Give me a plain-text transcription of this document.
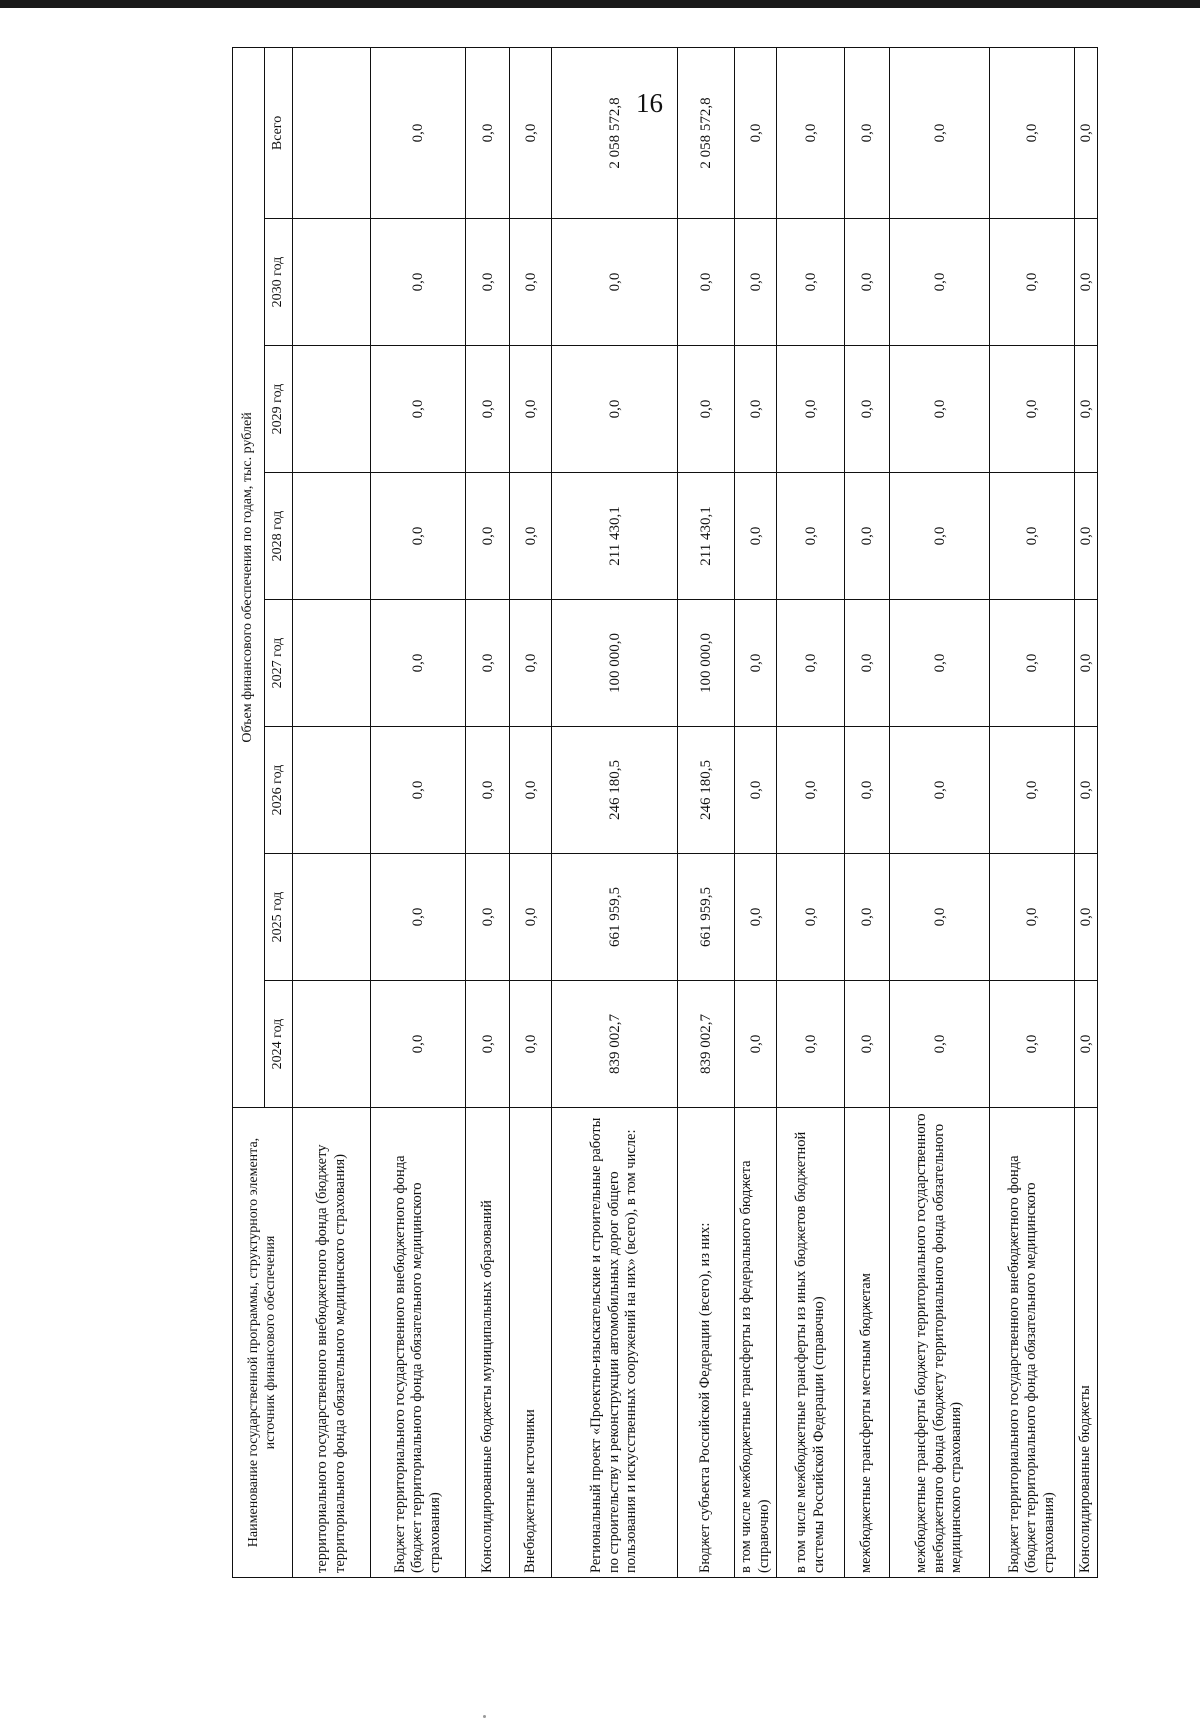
16
Наименование государственной программы, структурного элемента, источник финансового обеспечения	Объем финансового обеспечения по годам, тыс. рублей							
	2024 год	2025 год	2026 год	2027 год	2028 год	2029 год	2030 год	Всего
территориального государственного внебюджетного фонда (бюджету территориального фонда обязательного медицинского страхования)								
Бюджет территориального государственного внебюджетного фонда (бюджет территориального фонда обязательного медицинского страхования)	0,0	0,0	0,0	0,0	0,0	0,0	0,0	0,0
Консолидированные бюджеты муниципальных образований	0,0	0,0	0,0	0,0	0,0	0,0	0,0	0,0
Внебюджетные источники	0,0	0,0	0,0	0,0	0,0	0,0	0,0	0,0
Региональный проект «Проектно-изыскательские и строительные работы по строительству и реконструкции автомобильных дорог общего пользования и искусственных сооружений на них» (всего), в том числе:	839 002,7	661 959,5	246 180,5	100 000,0	211 430,1	0,0	0,0	2 058 572,8
Бюджет субъекта Российской Федерации (всего), из них:	839 002,7	661 959,5	246 180,5	100 000,0	211 430,1	0,0	0,0	2 058 572,8
в том числе межбюджетные трансферты из федерального бюджета (справочно)	0,0	0,0	0,0	0,0	0,0	0,0	0,0	0,0
в том числе межбюджетные трансферты из иных бюджетов бюджетной системы Российской Федерации (справочно)	0,0	0,0	0,0	0,0	0,0	0,0	0,0	0,0
межбюджетные трансферты местным бюджетам	0,0	0,0	0,0	0,0	0,0	0,0	0,0	0,0
межбюджетные трансферты бюджету территориального государственного внебюджетного фонда (бюджету территориального фонда обязательного медицинского страхования)	0,0	0,0	0,0	0,0	0,0	0,0	0,0	0,0
Бюджет территориального государственного внебюджетного фонда (бюджет территориального фонда обязательного медицинского страхования)	0,0	0,0	0,0	0,0	0,0	0,0	0,0	0,0
Консолидированные бюджеты	0,0	0,0	0,0	0,0	0,0	0,0	0,0	0,0
